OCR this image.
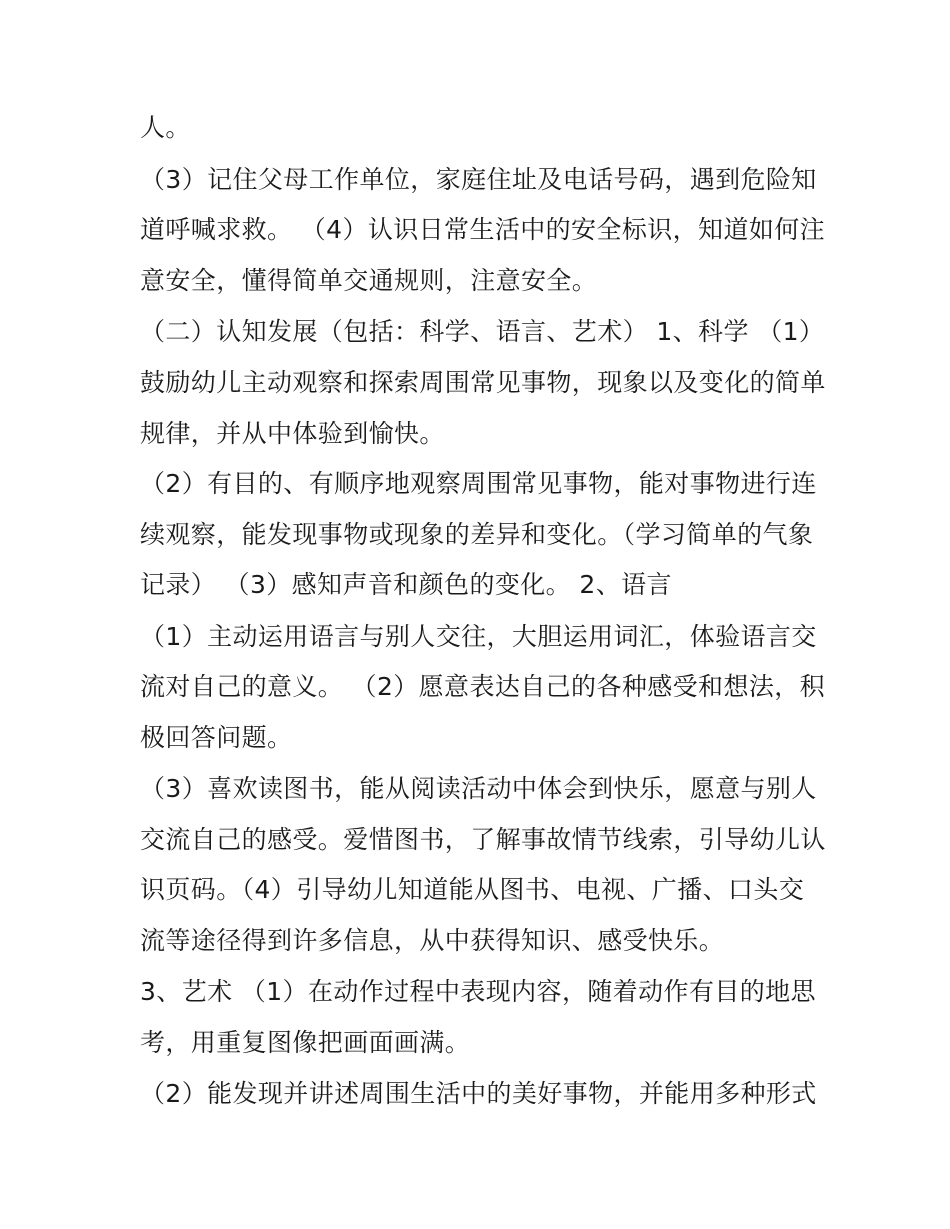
人。
（3）记住父母工作单位，家庭住址及电话号码，遇到危险知
道呼喊求救。 （4）认识日常生活中的安全标识，知道如何注
意安全，懂得简单交通规则，注意安全。
（二）认知发展（包括：科学、语言、艺术） 1、科学 （1）
鼓励幼儿主动观察和探索周围常见事物，现象以及变化的简单
规律，并从中体验到愉快。
（2）有目的、有顺序地观察周围常见事物，能对事物进行连
续观察，能发现事物或现象的差异和变化。（学习简单的气象
记录） （3）感知声音和颜色的变化。 2、语言
（1）主动运用语言与别人交往，大胆运用词汇，体验语言交
流对自己的意义。 （2）愿意表达自己的各种感受和想法，积
极回答问题。
（3）喜欢读图书，能从阅读活动中体会到快乐，愿意与别人
交流自己的感受。爱惜图书，了解事故情节线索，引导幼儿认
识页码。（4）引导幼儿知道能从图书、电视、广播、口头交
流等途径得到许多信息，从中获得知识、感受快乐。
3、艺术 （1）在动作过程中表现内容，随着动作有目的地思
考，用重复图像把画面画满。
（2）能发现并讲述周围生活中的美好事物，并能用多种形式
